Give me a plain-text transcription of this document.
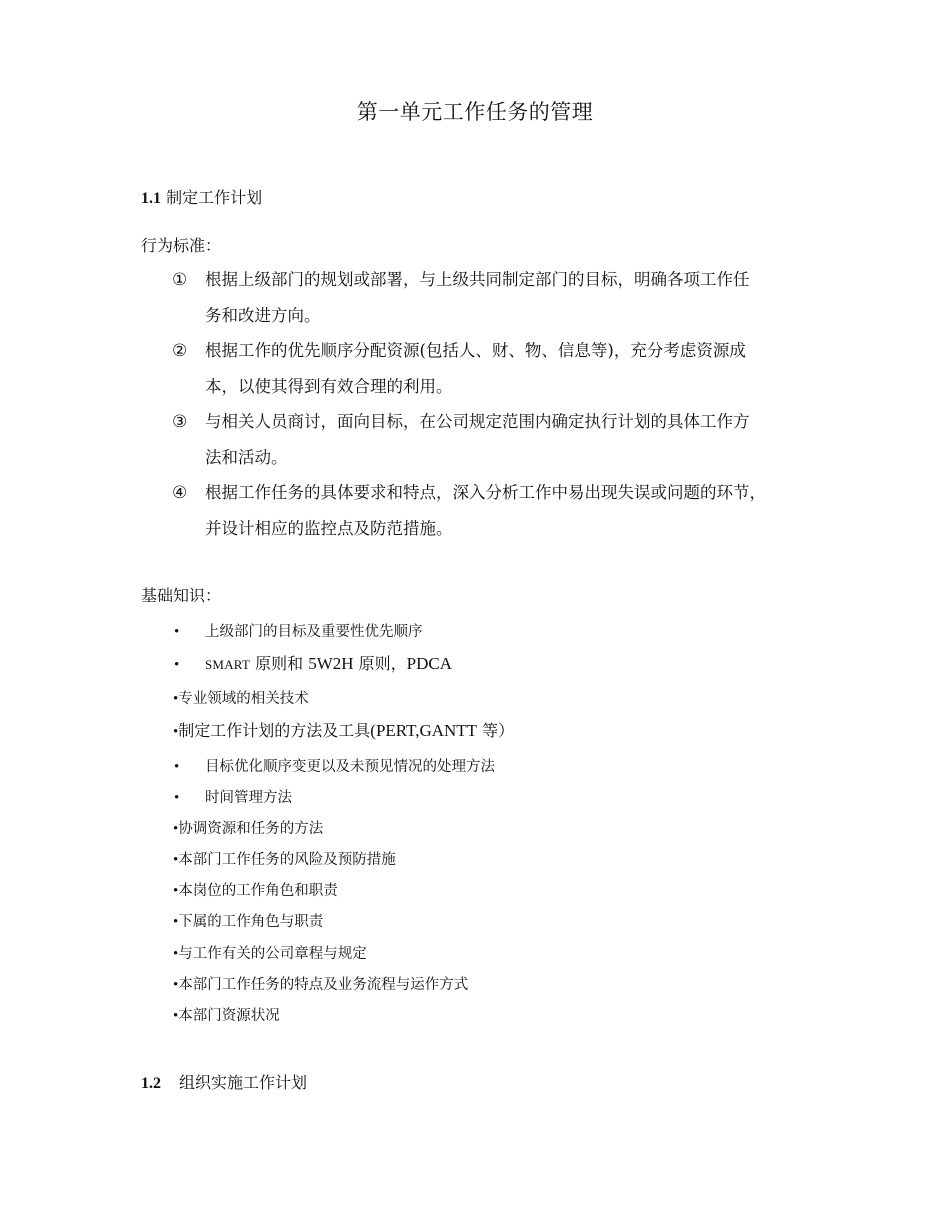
第一单元工作任务的管理
1.1 制定工作计划
行为标准：
①	根据上级部门的规划或部署，与上级共同制定部门的目标，明确各项工作任
务和改进方向。
②	根据工作的优先顺序分配资源(包括人、财、物、信息等)，充分考虑资源成
本，以使其得到有效合理的利用。
③	与相关人员商讨，面向目标，在公司规定范围内确定执行计划的具体工作方
法和活动。
④	根据工作任务的具体要求和特点，深入分析工作中易出现失误或问题的环节，
并设计相应的监控点及防范措施。
基础知识：
• 上级部门的目标及重要性优先顺序
• SMART 原则和 5W2H 原则，PDCA
•专业领域的相关技术
•制定工作计划的方法及工具(PERT,GANTT 等）
• 目标优化顺序变更以及未预见情况的处理方法
• 时间管理方法
•协调资源和任务的方法
•本部门工作任务的风险及预防措施
•本岗位的工作角色和职责
•下属的工作角色与职责
•与工作有关的公司章程与规定
•本部门工作任务的特点及业务流程与运作方式
•本部门资源状况
1.2 组织实施工作计划
